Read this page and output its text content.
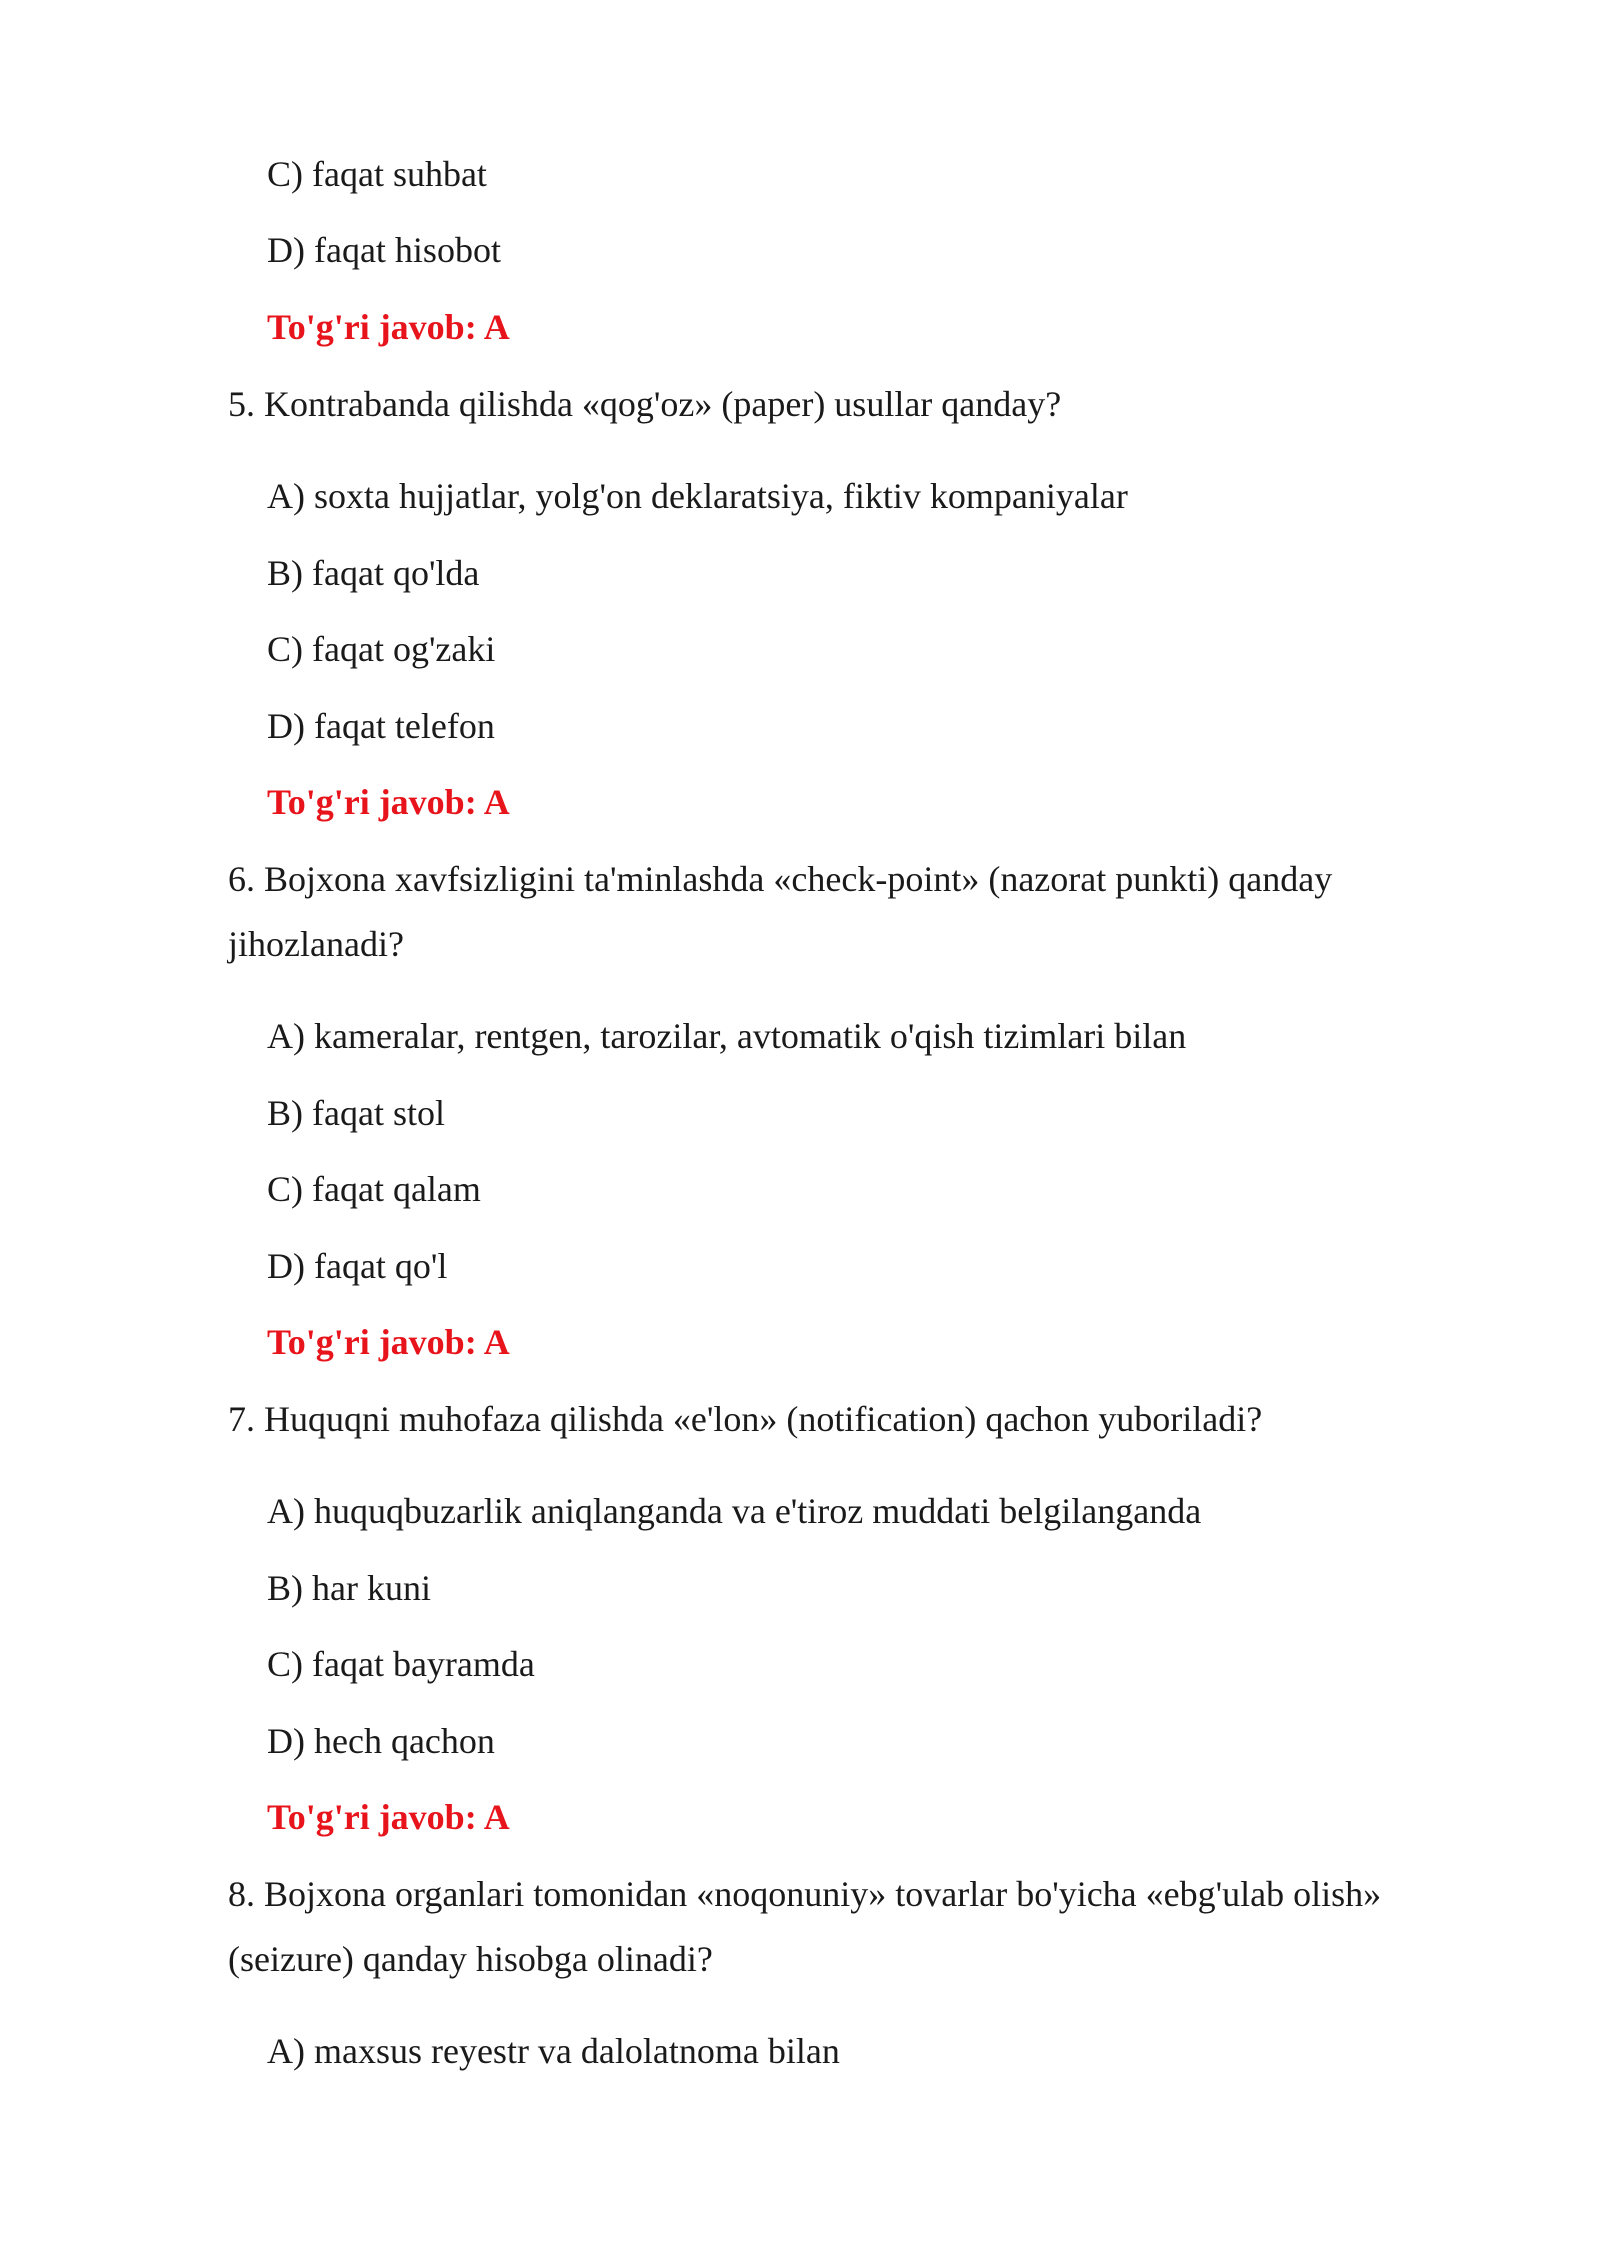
C) faqat suhbat
D) faqat hisobot
To'g'ri javob: A
5. Kontrabanda qilishda «qog'oz» (paper) usullar qanday?
A) soxta hujjatlar, yolg'on deklaratsiya, fiktiv kompaniyalar
B) faqat qo'lda
C) faqat og'zaki
D) faqat telefon
To'g'ri javob: A
6. Bojxona xavfsizligini ta'minlashda «check-point» (nazorat punkti) qanday
jihozlanadi?
A) kameralar, rentgen, tarozilar, avtomatik o'qish tizimlari bilan
B) faqat stol
C) faqat qalam
D) faqat qo'l
To'g'ri javob: A
7. Huquqni muhofaza qilishda «e'lon» (notification) qachon yuboriladi?
A) huquqbuzarlik aniqlanganda va e'tiroz muddati belgilanganda
B) har kuni
C) faqat bayramda
D) hech qachon
To'g'ri javob: A
8. Bojxona organlari tomonidan «noqonuniy» tovarlar bo'yicha «ebg'ulab olish»
(seizure) qanday hisobga olinadi?
A) maxsus reyestr va dalolatnoma bilan
